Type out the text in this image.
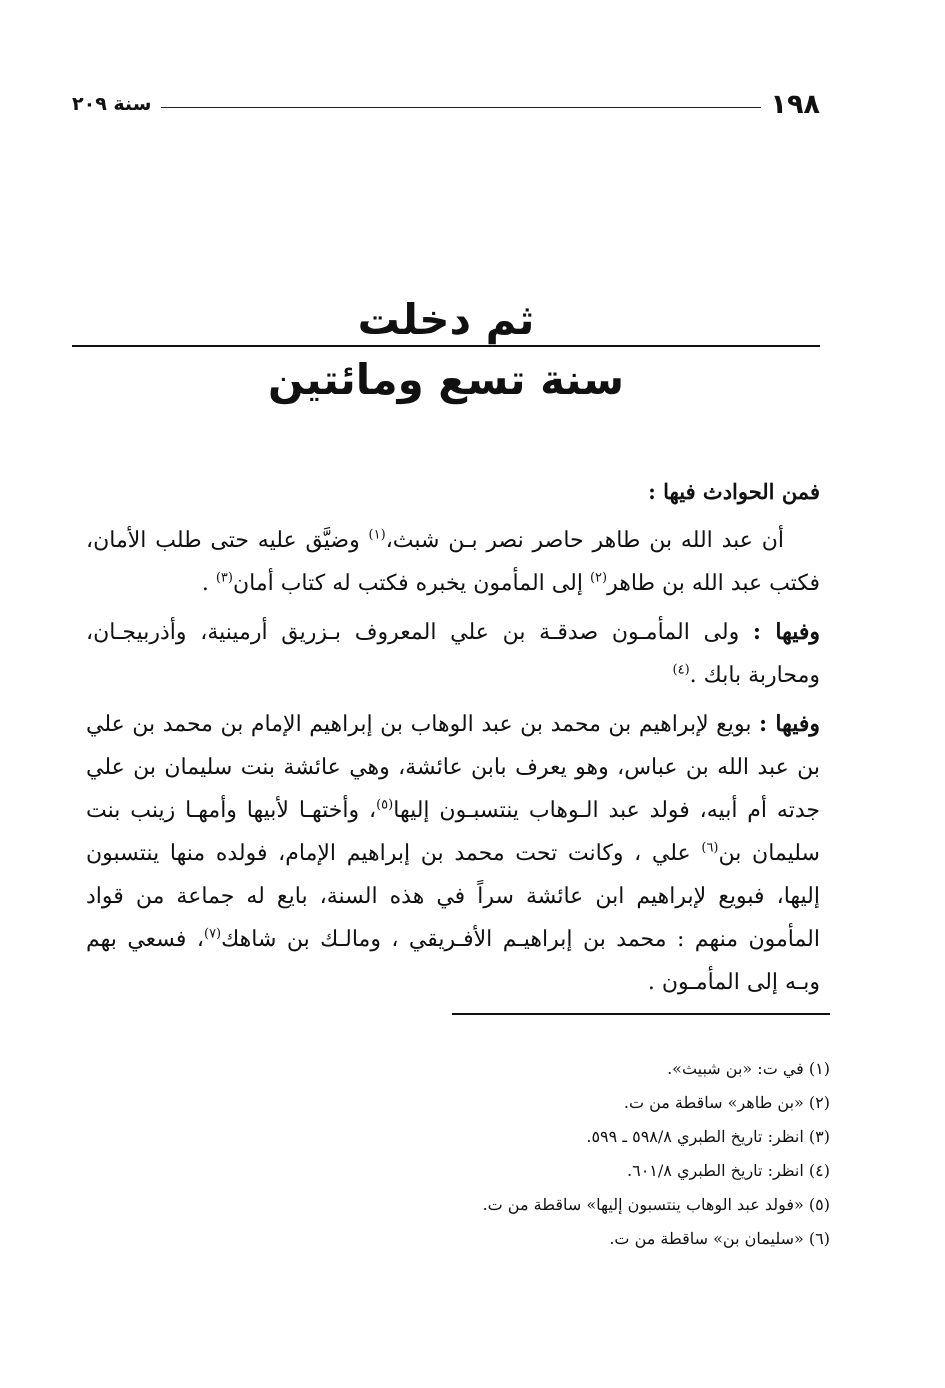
١٩٨
سنة ٢٠٩
ثم دخلت
سنة تسع ومائتين

فمن الحوادث فيها :

أن عبد الله بن طاهر حاصر نصر بـن شبث،$^{(١)}$ وضيَّق عليه حتى طلب الأمان، فكتب عبد الله بن طاهر$^{(٢)}$ إلى المأمون يخبره فكتب له كتاب أمان$^{(٣)}$ .

وفيها : ولى المأمـون صدقـة بن علي المعروف بـزريق أرمينية، وأذربيجـان، ومحاربة بابك .$^{(٤)}$

وفيها : بويع لإبراهيم بن محمد بن عبد الوهاب بن إبراهيم الإمام بن محمد بن علي بن عبد الله بن عباس، وهو يعرف بابن عائشة، وهي عائشة بنت سليمان بن علي جدته أم أبيه، فولد عبد الـوهاب ينتسبـون إليها$^{(٥)}$، وأختهـا لأبيها وأمهـا زينب بنت سليمان بن$^{(٦)}$ علي ، وكانت تحت محمد بن إبراهيم الإمام، فولده منها ينتسبون إليها، فبويع لإبراهيم ابن عائشة سراً في هذه السنة، بايع له جماعة من قواد المأمون منهم : محمد بن إبراهيـم الأفـريقي ، ومالـك بن شاهك$^{(٧)}$، فسعي بهم وبـه إلى المأمـون .

(١) في ت: «بن شبيث».
(٢) «بن طاهر» ساقطة من ت.
(٣) انظر: تاريخ الطبري ٥٩٨/٨ ـ ٥٩٩.
(٤) انظر: تاريخ الطبري ٦٠١/٨.
(٥) «فولد عبد الوهاب ينتسبون إليها» ساقطة من ت.
(٦) «سليمان بن» ساقطة من ت.
